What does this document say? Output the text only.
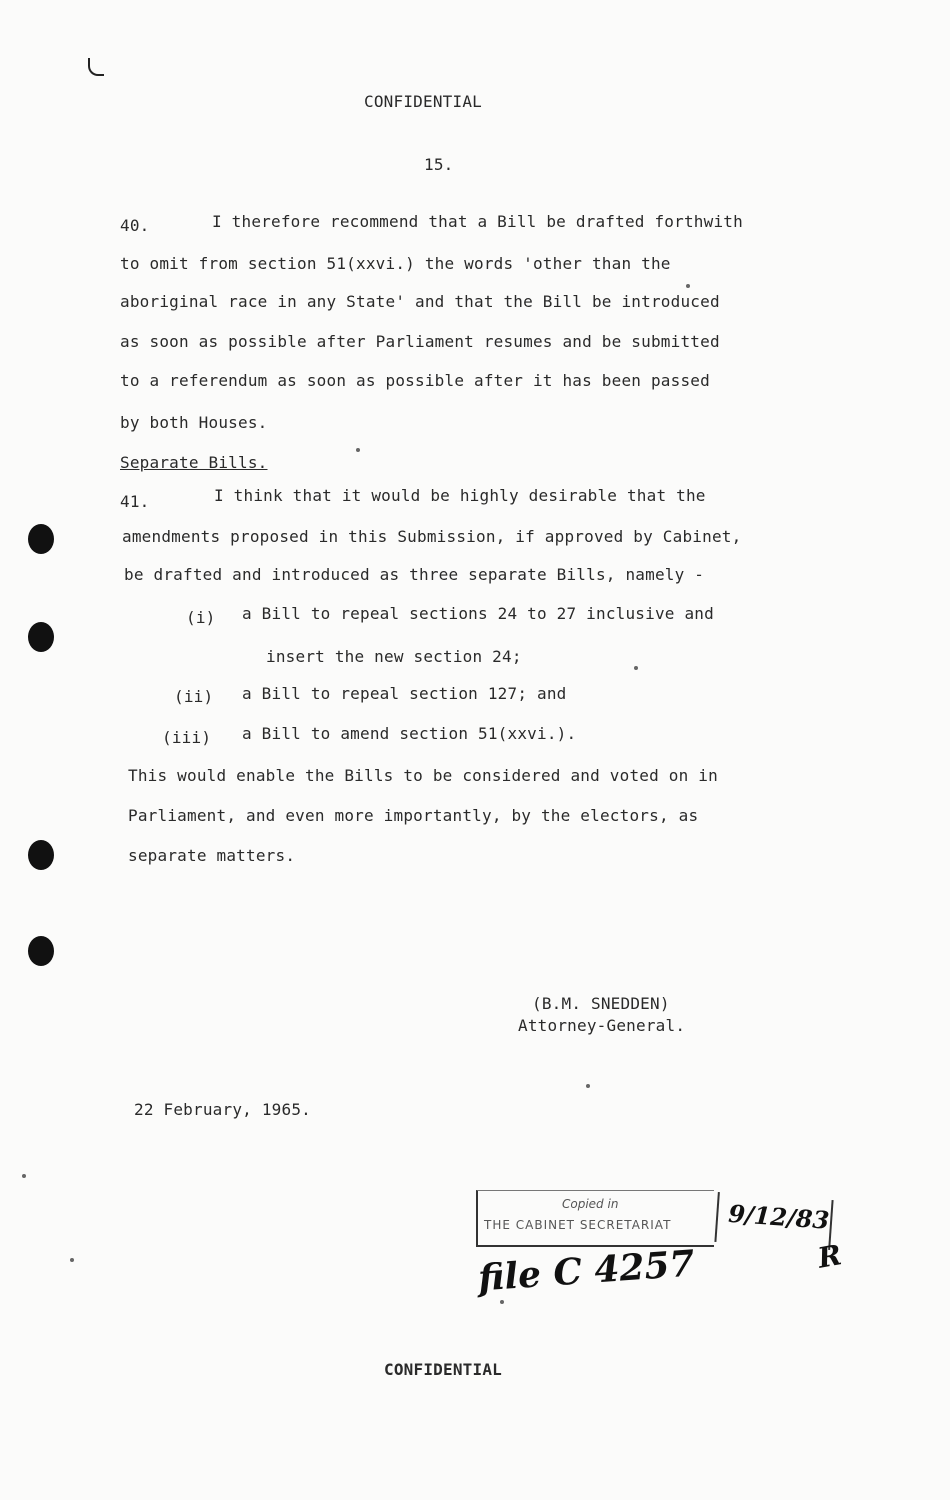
CONFIDENTIAL
15.
40.	I therefore recommend that a Bill be drafted forthwith
to omit from section 51(xxvi.) the words 'other than the
aboriginal race in any State' and that the Bill be introduced
as soon as possible after Parliament resumes and be submitted
to a referendum as soon as possible after it has been passed
by both Houses.
Separate Bills.
41.	I think that it would be highly desirable that the
amendments proposed in this Submission, if approved by Cabinet,
be drafted and introduced as three separate Bills, namely -
(i) a Bill to repeal sections 24 to 27 inclusive and
insert the new section 24;
(ii) a Bill to repeal section 127; and
(iii) a Bill to amend section 51(xxvi.).
This would enable the Bills to be considered and voted on in
Parliament, and even more importantly, by the electors, as
separate matters.
(B.M. SNEDDEN)
Attorney-General.
22 February, 1965.
Copied in
THE CABINET SECRETARIAT 9/12/83
file C 4257	R
CONFIDENTIAL
